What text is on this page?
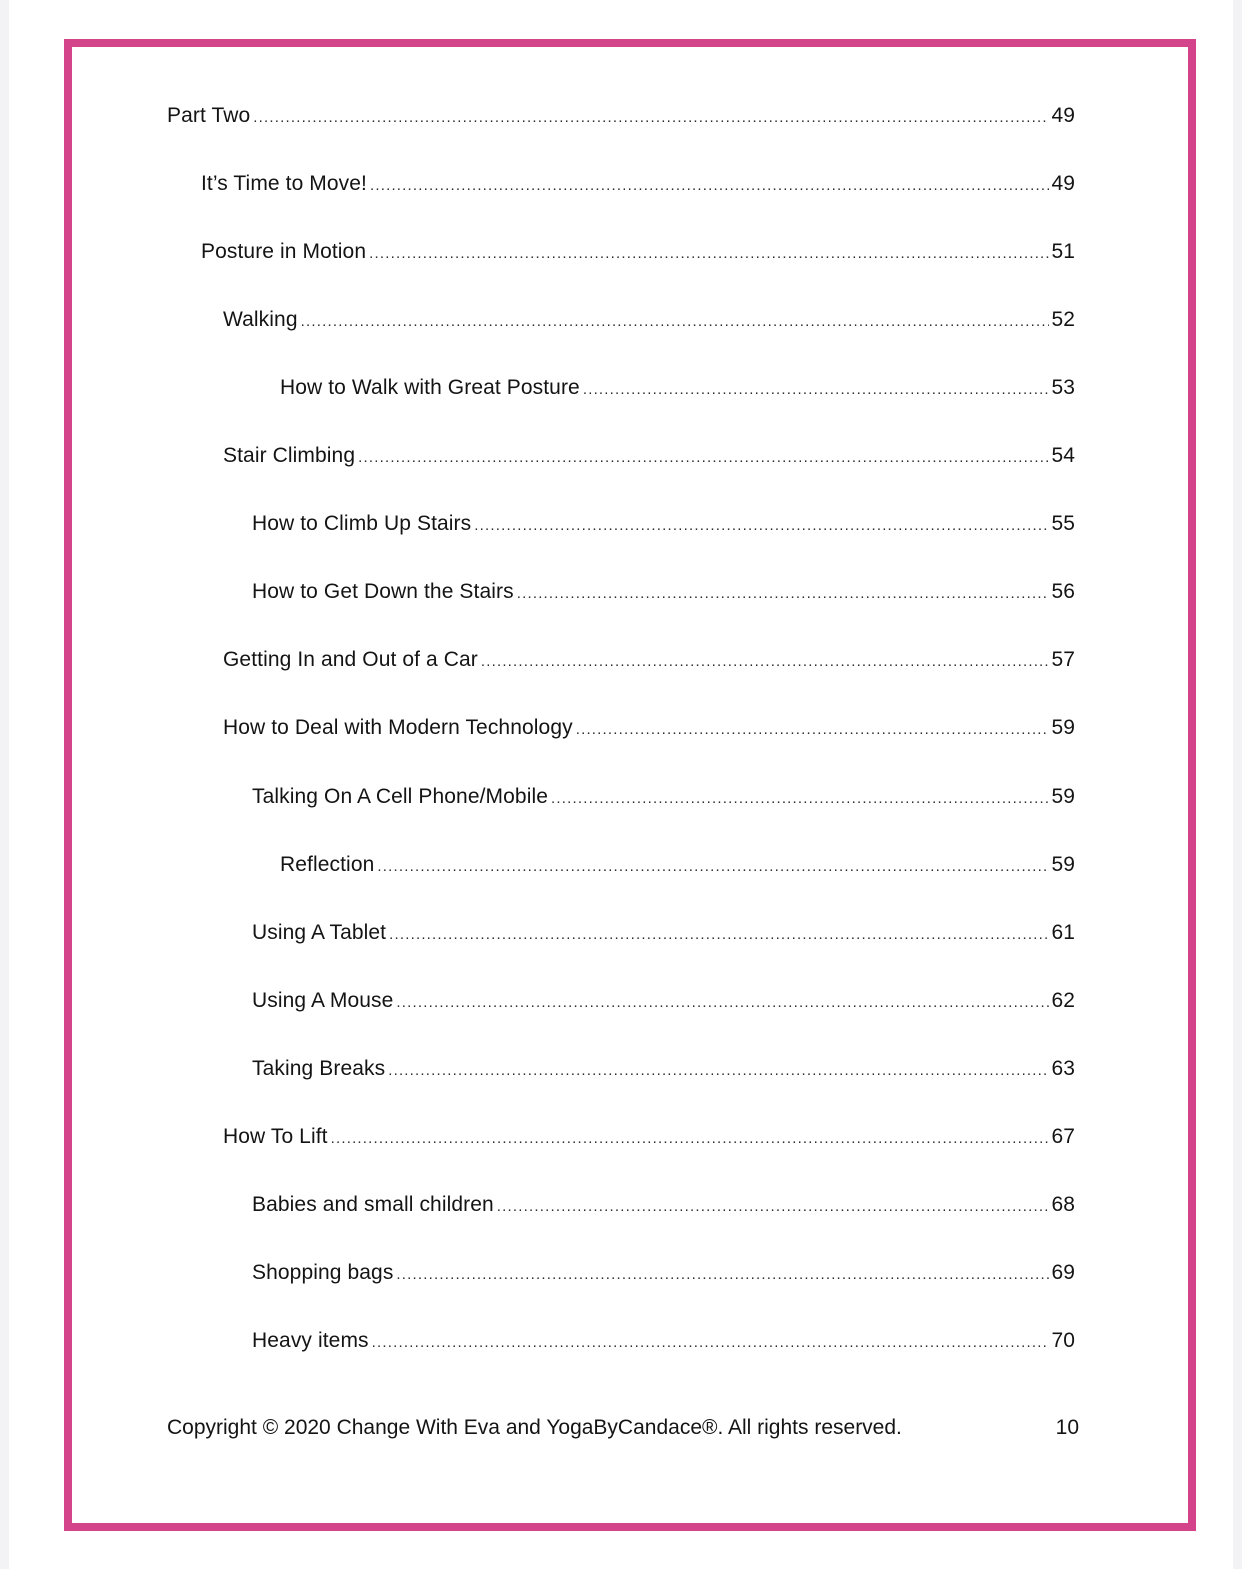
Part Two .....	49
It’s Time to Move! .....	49
Posture in Motion .....	51
Walking .....	52
How to Walk with Great Posture .....	53
Stair Climbing .....	54
How to Climb Up Stairs .....	55
How to Get Down the Stairs .....	56
Getting In and Out of a Car .....	57
How to Deal with Modern Technology .....	59
Talking On A Cell Phone/Mobile .....	59
Reflection .....	59
Using A Tablet .....	61
Using A Mouse .....	62
Taking Breaks .....	63
How To Lift .....	67
Babies and small children .....	68
Shopping bags .....	69
Heavy items .....	70
Copyright © 2020 Change With Eva and YogaByCandace®. All rights reserved.	10
